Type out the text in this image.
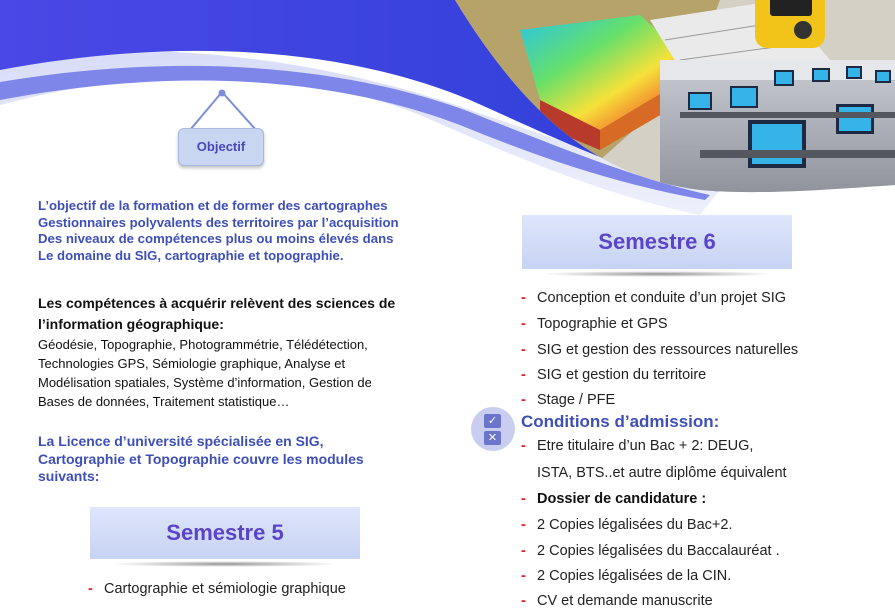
Objectif
L’objectif de la formation et de former des cartographes
Gestionnaires polyvalents des territoires par l’acquisition
Des niveaux de compétences plus ou moins élevés dans
Le domaine du SIG, cartographie et topographie.
Les compétences à acquérir relèvent des sciences de
l’information géographique:
Géodésie, Topographie, Photogrammétrie, Télédétection,
Technologies GPS, Sémiologie graphique, Analyse et
Modélisation spatiales, Système d’information, Gestion de
Bases de données, Traitement statistique…
La Licence d’université spécialisée en SIG,
Cartographie et Topographie couvre les modules
suivants:
Semestre 5
- Cartographie et sémiologie graphique
Semestre 6
- Conception et conduite d’un projet SIG
- Topographie et GPS
- SIG et gestion des ressources naturelles
- SIG et gestion du territoire
- Stage / PFE
✓
✕
Conditions d’admission:
- Etre titulaire d’un Bac + 2: DEUG,
ISTA, BTS..et autre diplôme équivalent
- Dossier de candidature :
- 2 Copies légalisées du Bac+2.
- 2 Copies légalisées du Baccalauréat .
- 2 Copies légalisées de la CIN.
- CV et demande manuscrite
